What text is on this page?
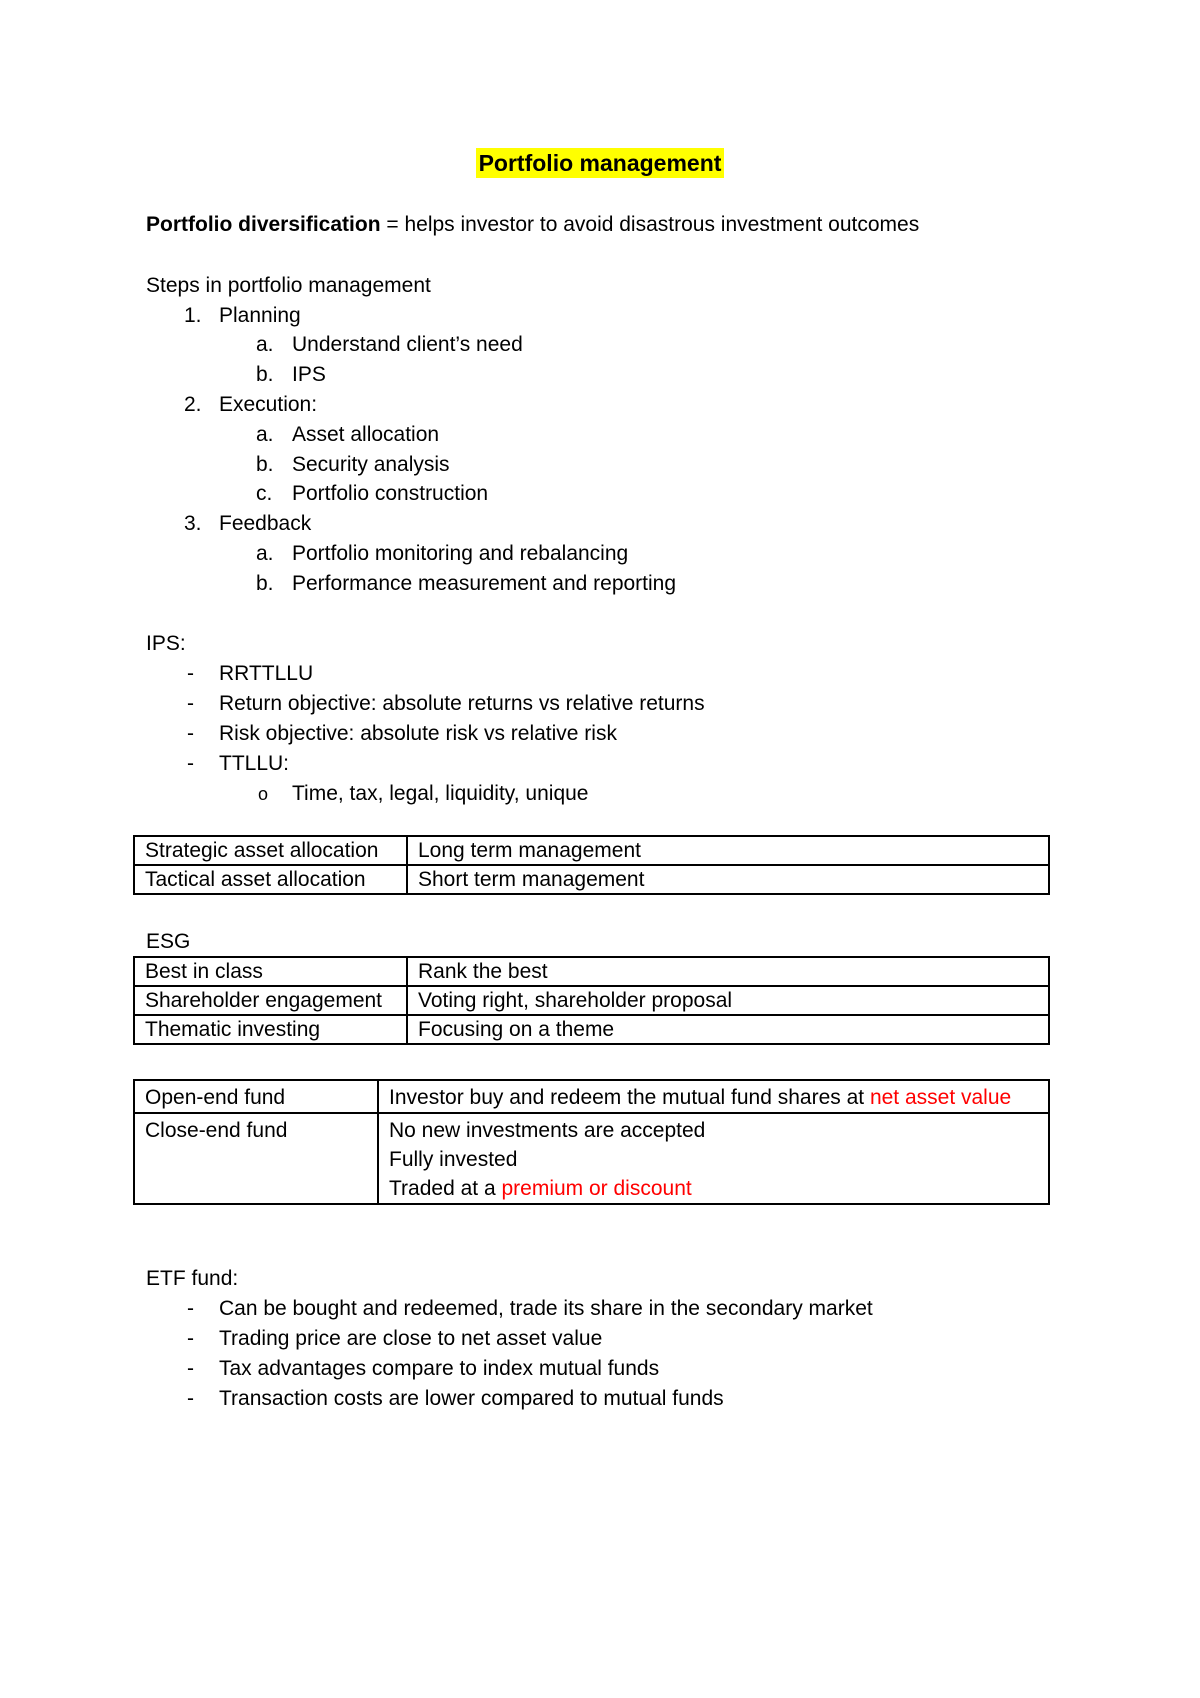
Portfolio management
Portfolio diversification = helps investor to avoid disastrous investment outcomes
Steps in portfolio management
1. Planning
a. Understand client’s need
b. IPS
2. Execution:
a. Asset allocation
b. Security analysis
c. Portfolio construction
3. Feedback
a. Portfolio monitoring and rebalancing
b. Performance measurement and reporting
IPS:
- RRTTLLU
- Return objective: absolute returns vs relative returns
- Risk objective: absolute risk vs relative risk
- TTLLU:
o Time, tax, legal, liquidity, unique
Strategic asset allocation	Long term management
Tactical asset allocation	Short term management
ESG
Best in class	Rank the best
Shareholder engagement	Voting right, shareholder proposal
Thematic investing	Focusing on a theme
Open-end fund	Investor buy and redeem the mutual fund shares at net asset value
Close-end fund	No new investments are accepted
Fully invested
Traded at a premium or discount
ETF fund:
- Can be bought and redeemed, trade its share in the secondary market
- Trading price are close to net asset value
- Tax advantages compare to index mutual funds
- Transaction costs are lower compared to mutual funds
